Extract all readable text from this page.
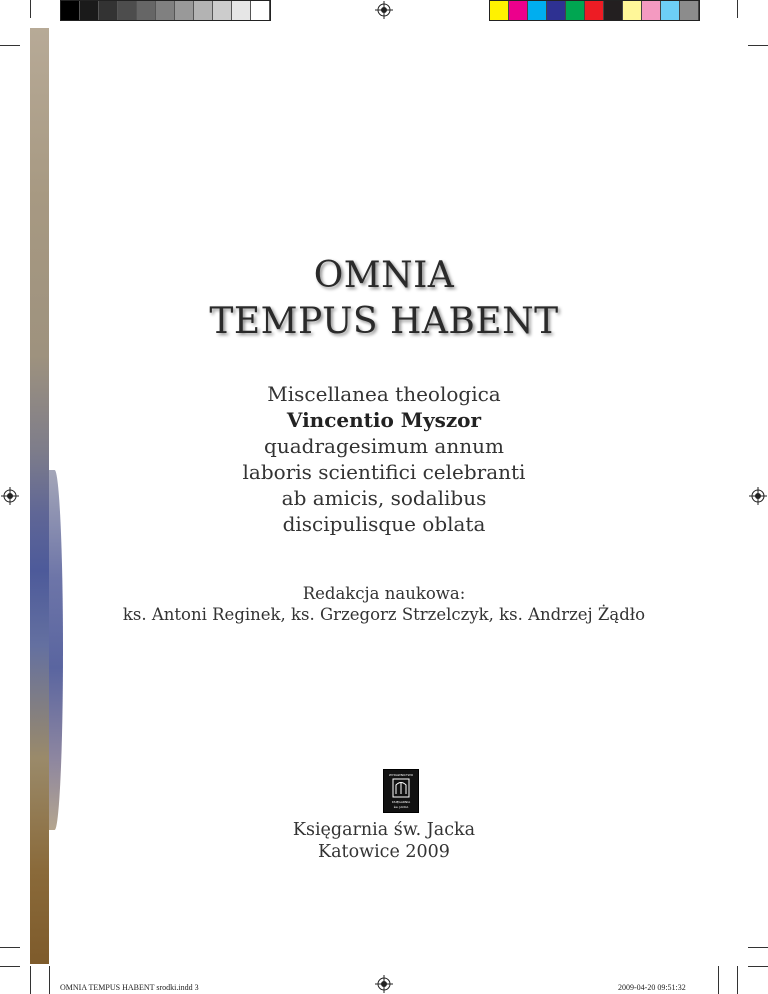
OMNIA
TEMPUS HABENT
Miscellanea theologica
Vincentio Myszor
quadragesimum annum
laboris scientifici celebranti
ab amicis, sodalibus
discipulisque oblata
Redakcja naukowa:
ks. Antoni Reginek, ks. Grzegorz Strzelczyk, ks. Andrzej Żądło
WYDAWNICTWO
KSIĘGARNIA
św. JACKA
Księgarnia św. Jacka
Katowice 2009
OMNIA TEMPUS HABENT srodki.indd 3	2009-04-20 09:51:32
